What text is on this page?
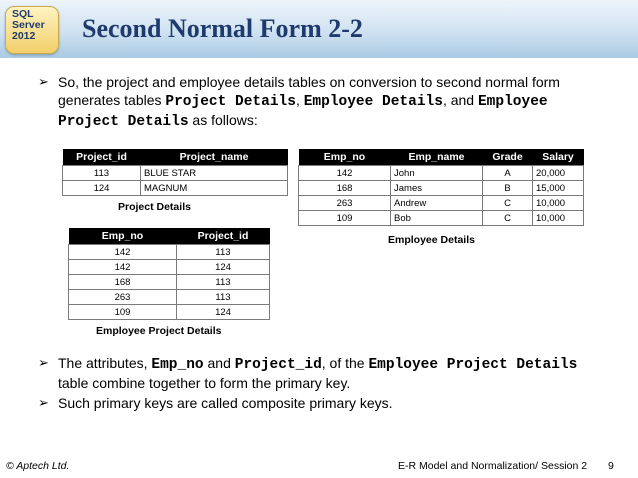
SQL
Server
2012	Second Normal Form 2-2
➢ So, the project and employee details tables on conversion to second normal form generates tables Project Details, Employee Details, and Employee Project Details as follows:
Project_id	Project_name
113	BLUE STAR
124	MAGNUM
Project Details
Emp_no	Emp_name	Grade	Salary
142	John	A	20,000
168	James	B	15,000
263	Andrew	C	10,000
109	Bob	C	10,000
Employee Details
Emp_no	Project_id
142	113
142	124
168	113
263	113
109	124
Employee Project Details
➢ The attributes, Emp_no and Project_id, of the Employee Project Details table combine together to form the primary key.
➢ Such primary keys are called composite primary keys.
© Aptech Ltd.	E-R Model and Normalization/ Session 2 9
